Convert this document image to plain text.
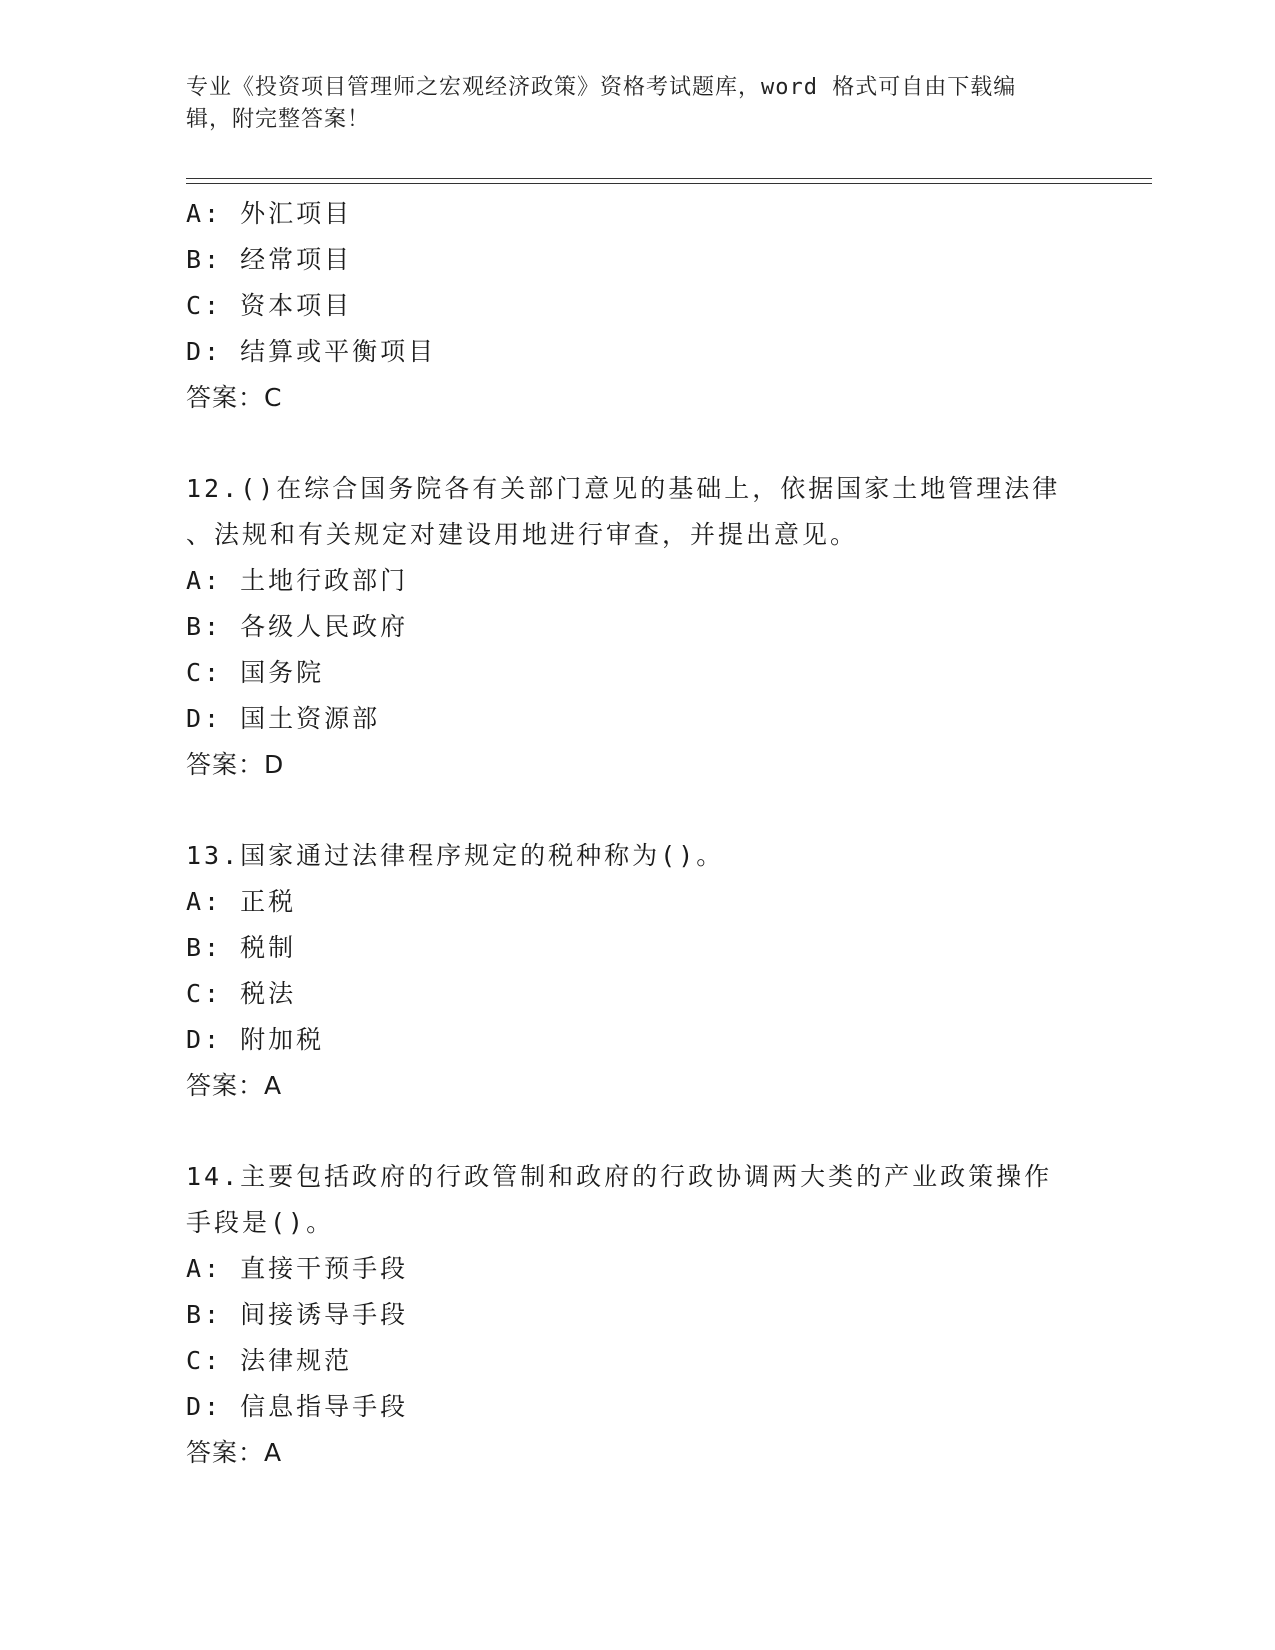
专业《投资项目管理师之宏观经济政策》资格考试题库，word 格式可自由下载编
辑，附完整答案！
A: 外汇项目
B: 经常项目
C: 资本项目
D: 结算或平衡项目
答案：C
12.()在综合国务院各有关部门意见的基础上，依据国家土地管理法律
、法规和有关规定对建设用地进行审查，并提出意见。
A: 土地行政部门
B: 各级人民政府
C: 国务院
D: 国土资源部
答案：D
13.国家通过法律程序规定的税种称为()。
A: 正税
B: 税制
C: 税法
D: 附加税
答案：A
14.主要包括政府的行政管制和政府的行政协调两大类的产业政策操作
手段是()。
A: 直接干预手段
B: 间接诱导手段
C: 法律规范
D: 信息指导手段
答案：A
